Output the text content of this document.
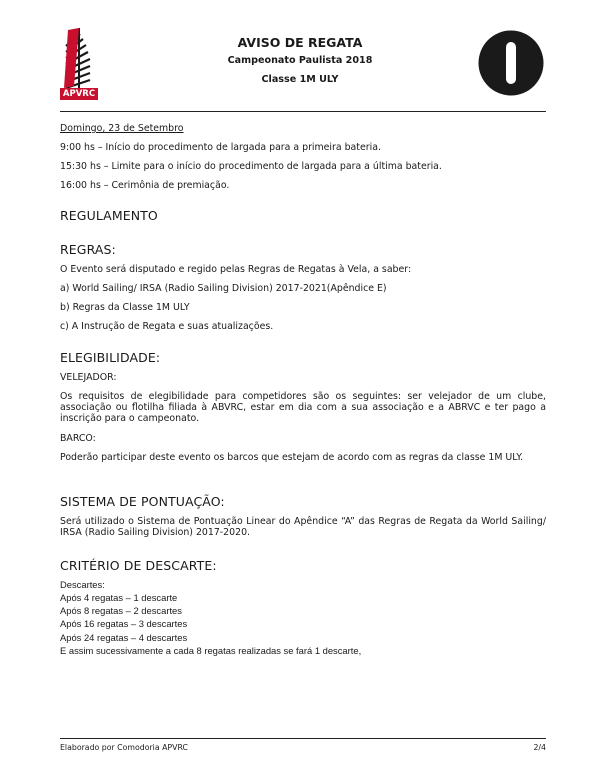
APVRC
AVISO DE REGATA
Campeonato Paulista 2018
Classe 1M ULY
Domingo, 23 de Setembro
9:00 hs – Início do procedimento de largada para a primeira bateria.
15:30 hs – Limite para o início do procedimento de largada para a última bateria.
16:00 hs – Cerimônia de premiação.
REGULAMENTO
REGRAS:
O Evento será disputado e regido pelas Regras de Regatas à Vela, a saber:
a) World Sailing/ IRSA (Radio Sailing Division) 2017-2021(Apêndice E)
b) Regras da Classe 1M ULY
c) A Instrução de Regata e suas atualizações.
ELEGIBILIDADE:
VELEJADOR:
Os requisitos de elegibilidade para competidores são os seguintes: ser velejador de um clube, associação ou flotilha filiada à ABVRC, estar em dia com a sua associação e a ABRVC e ter pago a inscrição para o campeonato.
BARCO:
Poderão participar deste evento os barcos que estejam de acordo com as regras da classe 1M ULY.
SISTEMA DE PONTUAÇÃO:
Será utilizado o Sistema de Pontuação Linear do Apêndice “A” das Regras de Regata da World Sailing/ IRSA (Radio Sailing Division) 2017-2020.
CRITÉRIO DE DESCARTE:
Descartes:
Após 4 regatas – 1 descarte
Após 8 regatas – 2 descartes
Após 16 regatas – 3 descartes
Após 24 regatas – 4 descartes
E assim sucessivamente a cada 8 regatas realizadas se fará 1 descarte,
Elaborado por Comodoria APVRC	2/4
